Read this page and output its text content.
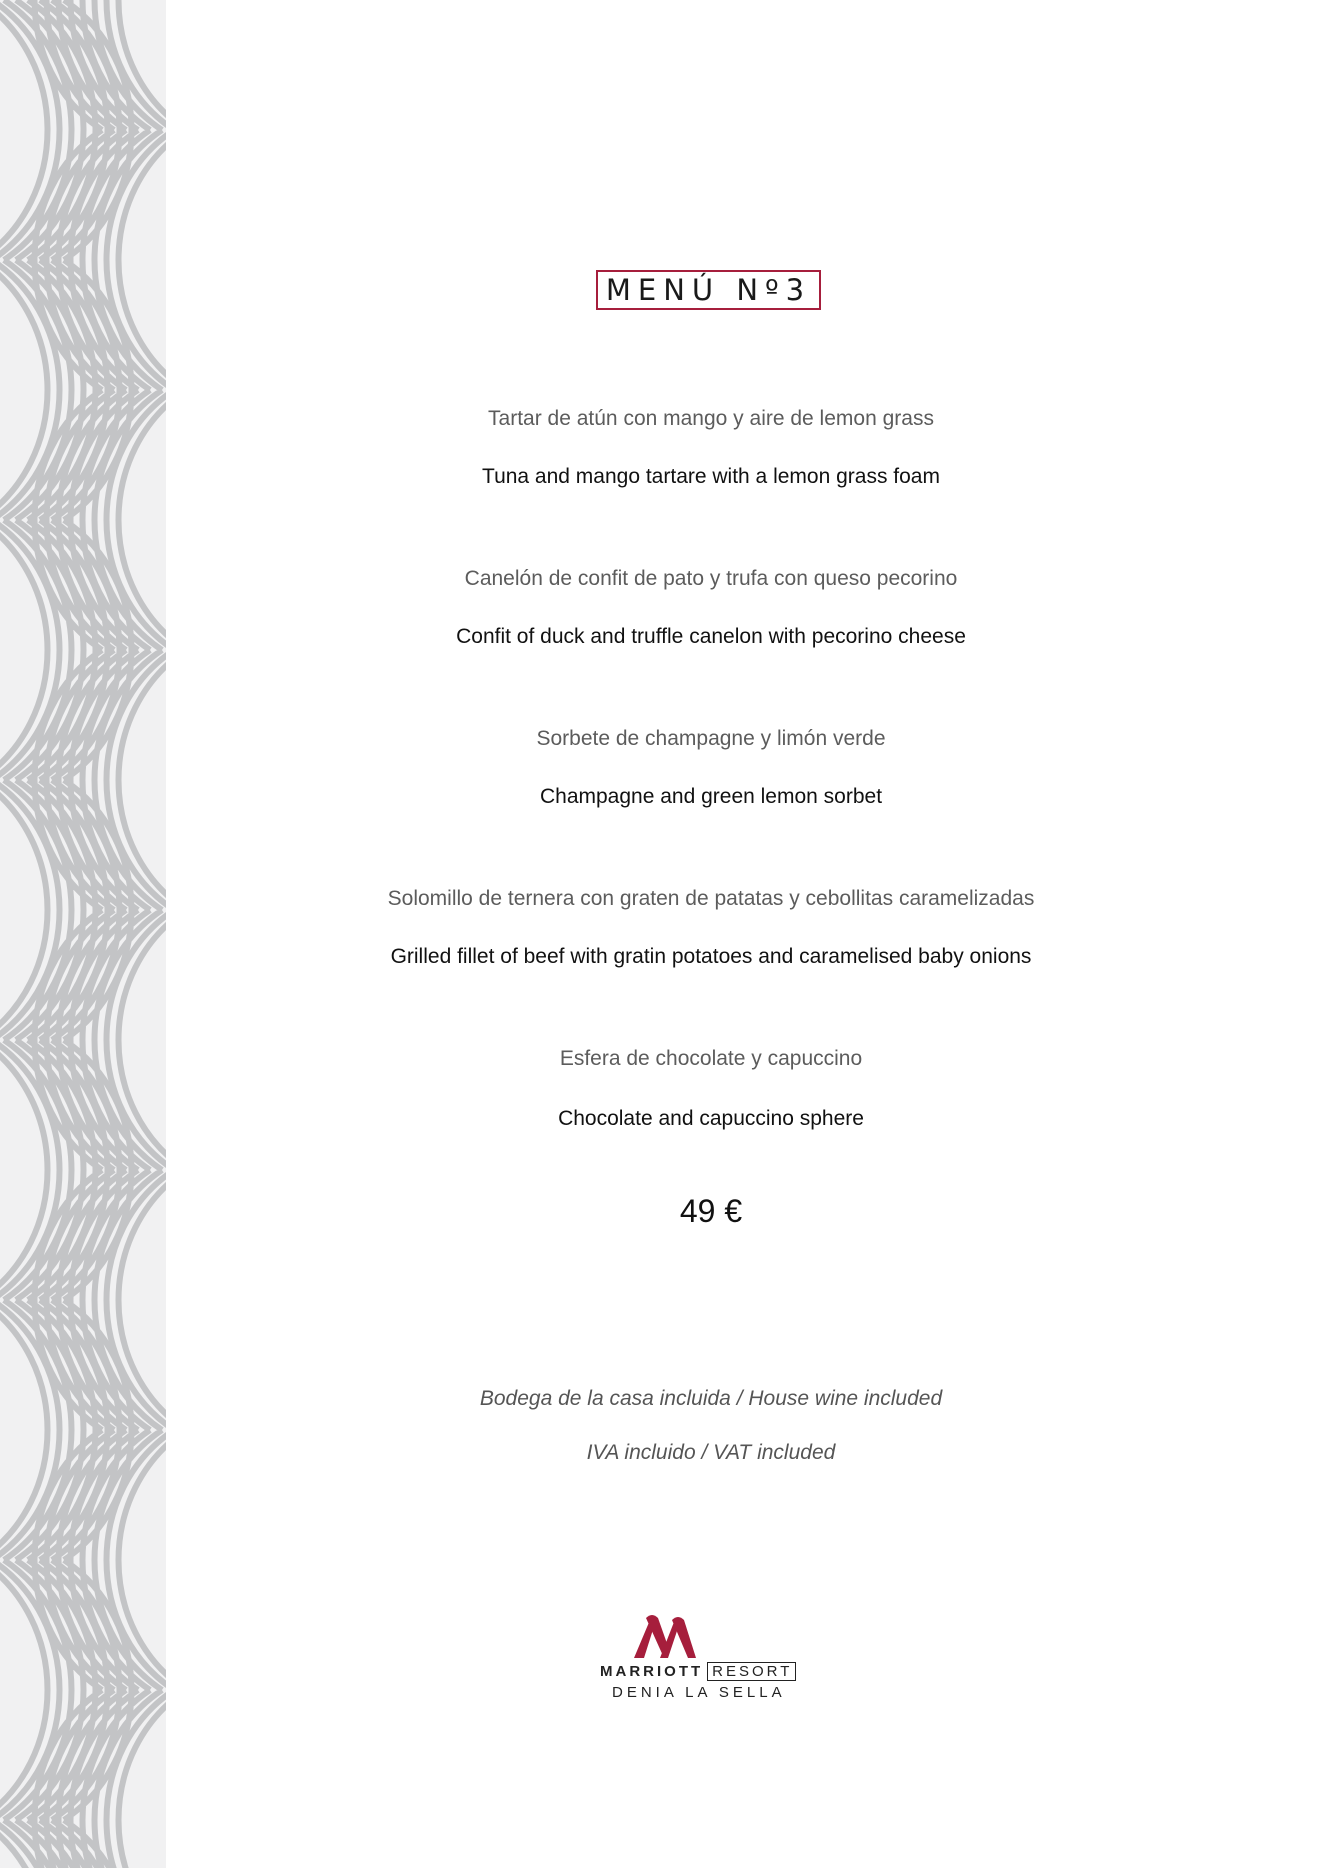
MENÚ Nº3
Tartar de atún con mango y aire de lemon grass
Tuna and mango tartare with a lemon grass foam
Canelón de confit de pato y trufa con queso pecorino
Confit of duck and truffle canelon with pecorino cheese
Sorbete de champagne y limón verde
Champagne and green lemon sorbet
Solomillo de ternera con graten de patatas y cebollitas caramelizadas
Grilled fillet of beef with gratin potatoes and caramelised baby onions
Esfera de chocolate y capuccino
Chocolate and capuccino sphere
49 €
Bodega de la casa incluida / House wine included
IVA incluido / VAT included
MARRIOTT RESORT
DENIA LA SELLA
